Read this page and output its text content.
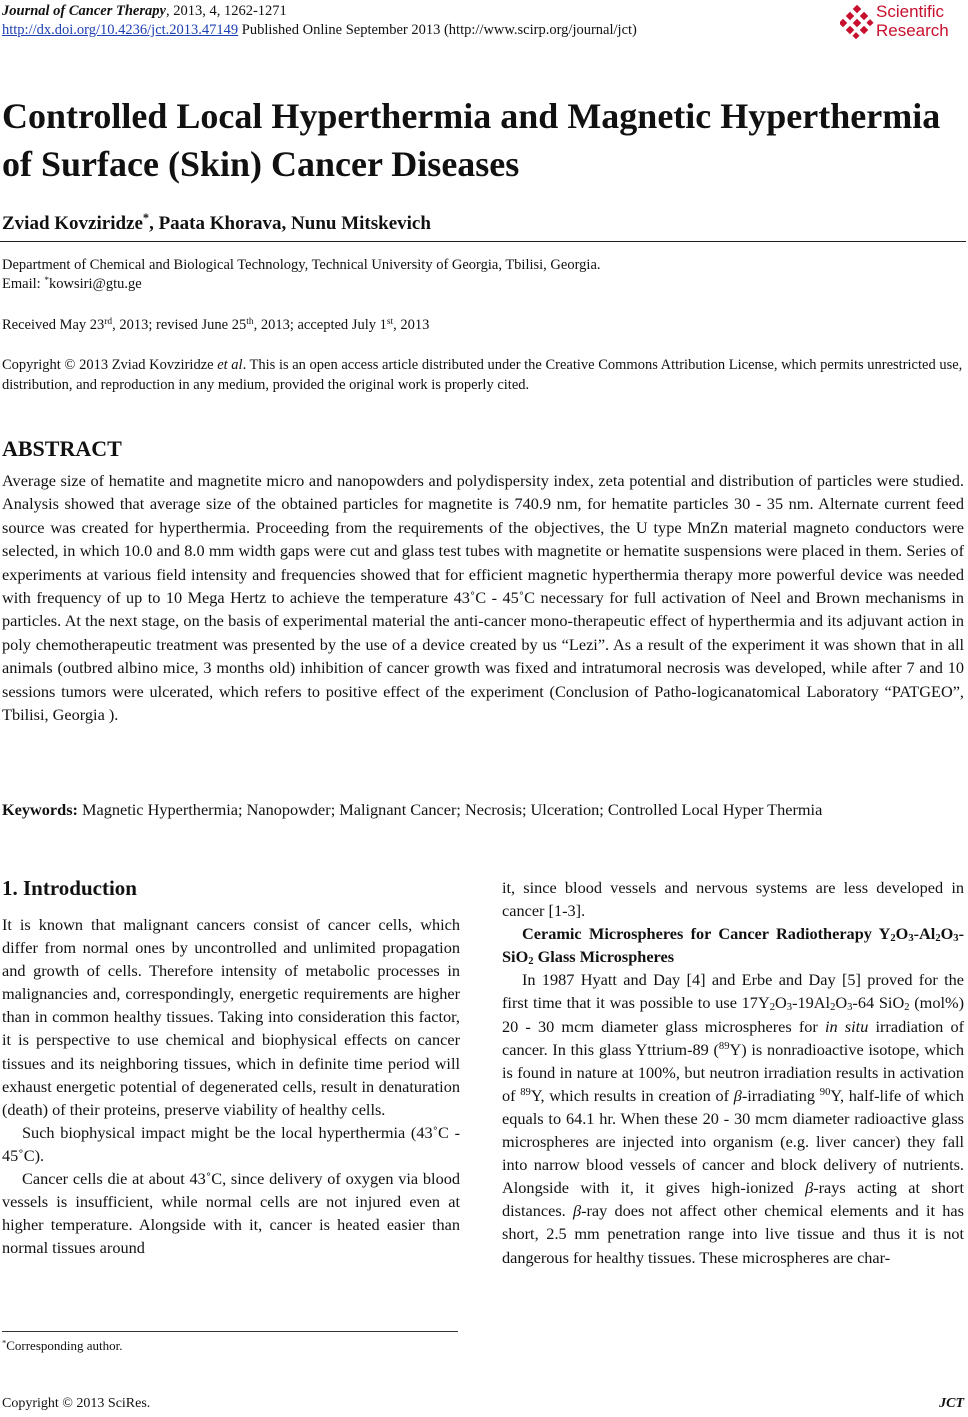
Journal of Cancer Therapy, 2013, 4, 1262-1271
http://dx.doi.org/10.4236/jct.2013.47149 Published Online September 2013 (http://www.scirp.org/journal/jct)
Scientific
Research
Controlled Local Hyperthermia and Magnetic Hyperthermia of Surface (Skin) Cancer Diseases
Zviad Kovziridze*, Paata Khorava, Nunu Mitskevich
Department of Chemical and Biological Technology, Technical University of Georgia, Tbilisi, Georgia.
Email: *kowsiri@gtu.ge
Received May 23rd, 2013; revised June 25th, 2013; accepted July 1st, 2013
Copyright © 2013 Zviad Kovziridze et al. This is an open access article distributed under the Creative Commons Attribution License, which permits unrestricted use, distribution, and reproduction in any medium, provided the original work is properly cited.
ABSTRACT
Average size of hematite and magnetite micro and nanopowders and polydispersity index, zeta potential and distribution of particles were studied. Analysis showed that average size of the obtained particles for magnetite is 740.9 nm, for hematite particles 30 - 35 nm. Alternate current feed source was created for hyperthermia. Proceeding from the requirements of the objectives, the U type MnZn material magneto conductors were selected, in which 10.0 and 8.0 mm width gaps were cut and glass test tubes with magnetite or hematite suspensions were placed in them. Series of experiments at various field intensity and frequencies showed that for efficient magnetic hyperthermia therapy more powerful device was needed with frequency of up to 10 Mega Hertz to achieve the temperature 43˚C - 45˚C necessary for full activation of Neel and Brown mechanisms in particles. At the next stage, on the basis of experimental material the anti-cancer mono-therapeutic effect of hyperthermia and its adjuvant action in poly chemotherapeutic treatment was presented by the use of a device created by us “Lezi”. As a result of the experiment it was shown that in all animals (outbred albino mice, 3 months old) inhibition of cancer growth was fixed and intratumoral necrosis was developed, while after 7 and 10 sessions tumors were ulcerated, which refers to positive effect of the experiment (Conclusion of Patho-logicanatomical Laboratory “PATGEO”, Tbilisi, Georgia ).
Keywords: Magnetic Hyperthermia; Nanopowder; Malignant Cancer; Necrosis; Ulceration; Controlled Local Hyper Thermia
1. Introduction

It is known that malignant cancers consist of cancer cells, which differ from normal ones by uncontrolled and unlimited propagation and growth of cells. Therefore intensity of metabolic processes in malignancies and, correspondingly, energetic requirements are higher than in common healthy tissues. Taking into consideration this factor, it is perspective to use chemical and biophysical effects on cancer tissues and its neighboring tissues, which in definite time period will exhaust energetic potential of degenerated cells, result in denaturation (death) of their proteins, preserve viability of healthy cells.

Such biophysical impact might be the local hyperthermia (43˚C - 45˚C).

Cancer cells die at about 43˚C, since delivery of oxygen via blood vessels is insufficient, while normal cells are not injured even at higher temperature. Alongside with it, cancer is heated easier than normal tissues around

it, since blood vessels and nervous systems are less developed in cancer [1-3].

Ceramic Microspheres for Cancer Radiotherapy $Y_2O_3-Al_2O_3-SiO_2$ Glass Microspheres

In 1987 Hyatt and Day [4] and Erbe and Day [5] proved for the first time that it was possible to use $17Y_2O_3-19Al_2O_3-64$ SiO$_2$ (mol%) 20 - 30 mcm diameter glass microspheres for in situ irradiation of cancer. In this glass Yttrium-89 ($^{89}$Y) is nonradioactive isotope, which is found in nature at 100%, but neutron irradiation results in activation of $^{89}$Y, which results in creation of β-irradiating $^{90}$Y, half-life of which equals to 64.1 hr. When these 20 - 30 mcm diameter radioactive glass microspheres are injected into organism (e.g. liver cancer) they fall into narrow blood vessels of cancer and block delivery of nutrients. Alongside with it, it gives high-ionized β-rays acting at short distances. β-ray does not affect other chemical elements and it has short, 2.5 mm penetration range into live tissue and thus it is not dangerous for healthy tissues. These microspheres are char-

*Corresponding author.
Copyright © 2013 SciRes.	JCT
